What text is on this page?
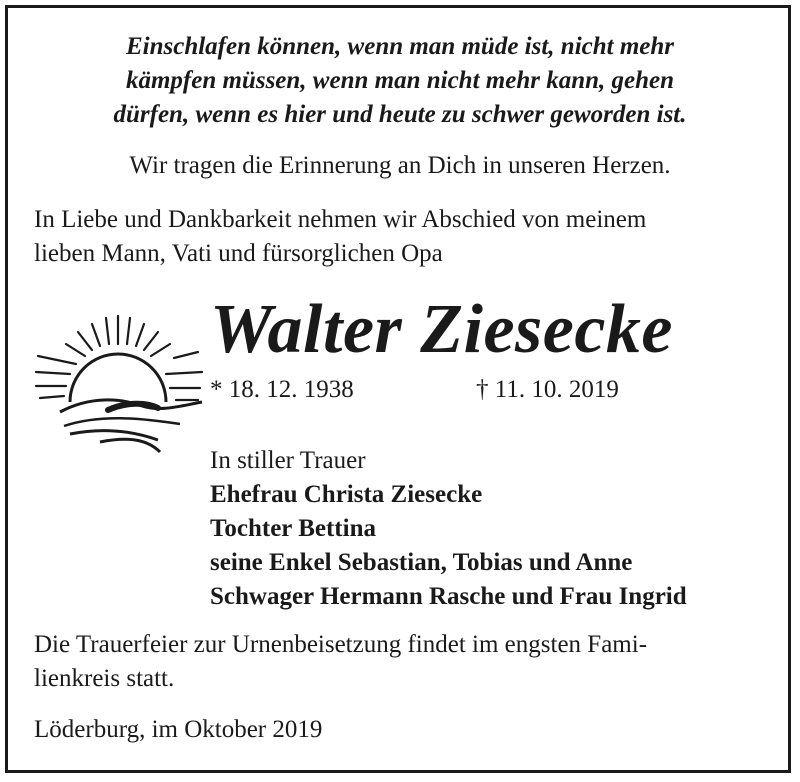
Einschlafen können, wenn man müde ist, nicht mehr
kämpfen müssen, wenn man nicht mehr kann, gehen
dürfen, wenn es hier und heute zu schwer geworden ist.

Wir tragen die Erinnerung an Dich in unseren Herzen.

In Liebe und Dankbarkeit nehmen wir Abschied von meinem
lieben Mann, Vati und fürsorglichen Opa

Walter Ziesecke
* 18. 12. 1938	† 11. 10. 2019
In stiller Trauer
Ehefrau Christa Ziesecke
Tochter Bettina
seine Enkel Sebastian, Tobias und Anne
Schwager Hermann Rasche und Frau Ingrid

Die Trauerfeier zur Urnenbeisetzung findet im engsten Fami-
lienkreis statt.

Löderburg, im Oktober 2019
